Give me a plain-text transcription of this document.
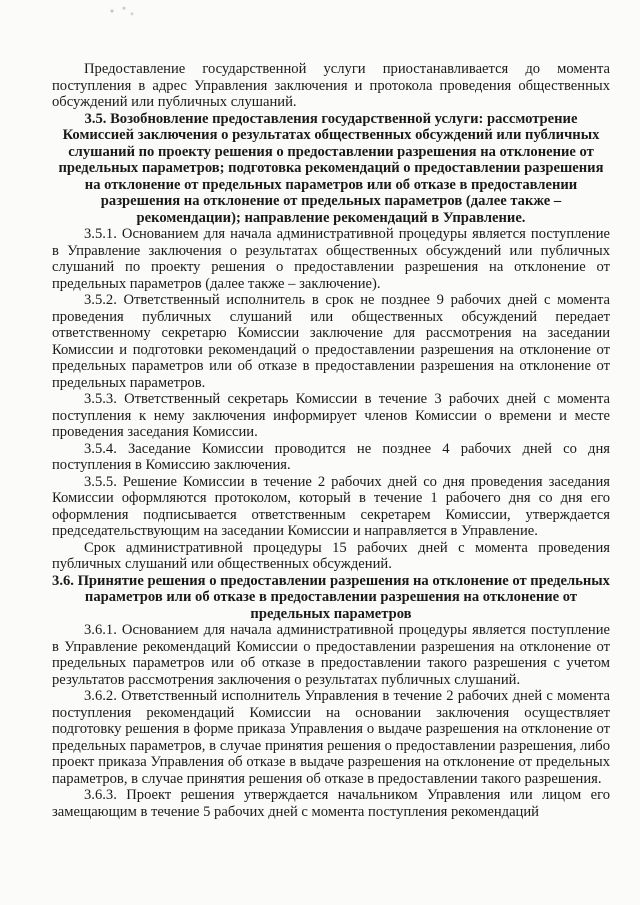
Предоставление государственной услуги приостанавливается до момента поступления в адрес Управления заключения и протокола проведения общественных обсуждений или публичных слушаний.

3.5. Возобновление предоставления государственной услуги: рассмотрение Комиссией заключения о результатах общественных обсуждений или публичных слушаний по проекту решения о предоставлении разрешения на отклонение от предельных параметров; подготовка рекомендаций о предоставлении разрешения на отклонение от предельных параметров или об отказе в предоставлении разрешения на отклонение от предельных параметров (далее также – рекомендации); направление рекомендаций в Управление.

3.5.1. Основанием для начала административной процедуры является поступление в Управление заключения о результатах общественных обсуждений или публичных слушаний по проекту решения о предоставлении разрешения на отклонение от предельных параметров (далее также – заключение).

3.5.2. Ответственный исполнитель в срок не позднее 9 рабочих дней с момента проведения публичных слушаний или общественных обсуждений передает ответственному секретарю Комиссии заключение для рассмотрения на заседании Комиссии и подготовки рекомендаций о предоставлении разрешения на отклонение от предельных параметров или об отказе в предоставлении разрешения на отклонение от предельных параметров.

3.5.3. Ответственный секретарь Комиссии в течение 3 рабочих дней с момента поступления к нему заключения информирует членов Комиссии о времени и месте проведения заседания Комиссии.

3.5.4. Заседание Комиссии проводится не позднее 4 рабочих дней со дня поступления в Комиссию заключения.

3.5.5. Решение Комиссии в течение 2 рабочих дней со дня проведения заседания Комиссии оформляются протоколом, который в течение 1 рабочего дня со дня его оформления подписывается ответственным секретарем Комиссии, утверждается председательствующим на заседании Комиссии и направляется в Управление.

Срок административной процедуры 15 рабочих дней с момента проведения публичных слушаний или общественных обсуждений.

3.6. Принятие решения о предоставлении разрешения на отклонение от предельных параметров или об отказе в предоставлении разрешения на отклонение от предельных параметров

3.6.1. Основанием для начала административной процедуры является поступление в Управление рекомендаций Комиссии о предоставлении разрешения на отклонение от предельных параметров или об отказе в предоставлении такого разрешения с учетом результатов рассмотрения заключения о результатах публичных слушаний.

3.6.2. Ответственный исполнитель Управления в течение 2 рабочих дней с момента поступления рекомендаций Комиссии на основании заключения осуществляет подготовку решения в форме приказа Управления о выдаче разрешения на отклонение от предельных параметров, в случае принятия решения о предоставлении разрешения, либо проект приказа Управления об отказе в выдаче разрешения на отклонение от предельных параметров, в случае принятия решения об отказе в предоставлении такого разрешения.

3.6.3. Проект решения утверждается начальником Управления или лицом его замещающим в течение 5 рабочих дней с момента поступления рекомендаций
